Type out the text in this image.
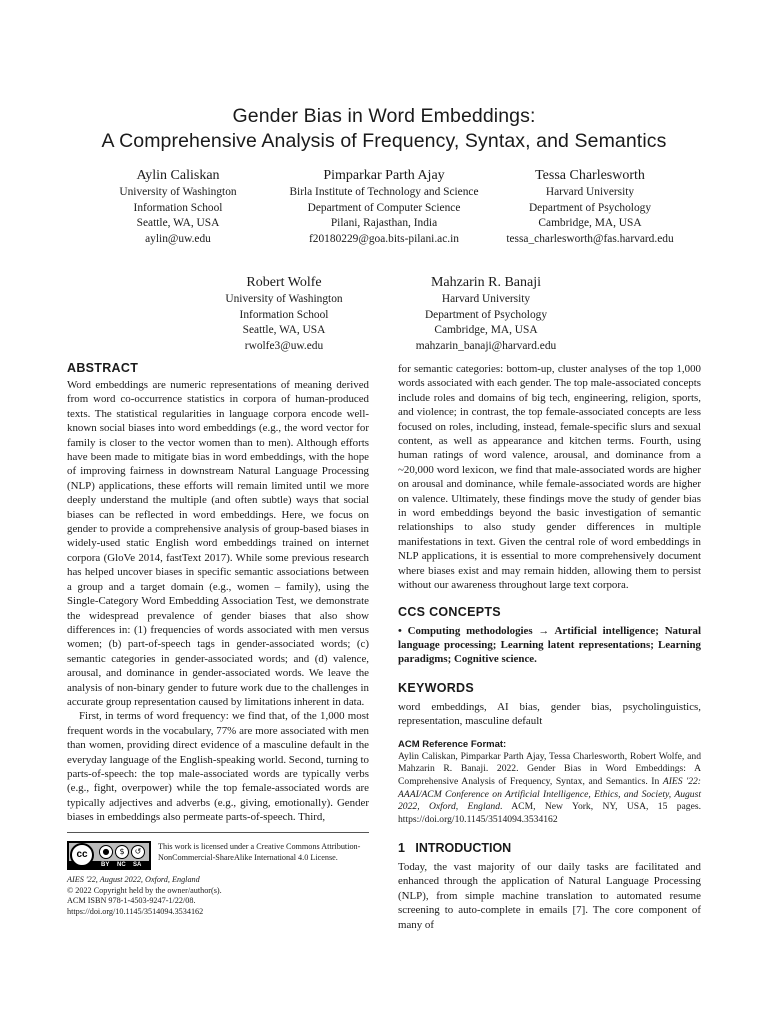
Gender Bias in Word Embeddings:
A Comprehensive Analysis of Frequency, Syntax, and Semantics
Aylin Caliskan
University of Washington
Information School
Seattle, WA, USA
aylin@uw.edu
Pimparkar Parth Ajay
Birla Institute of Technology and Science
Department of Computer Science
Pilani, Rajasthan, India
f20180229@goa.bits-pilani.ac.in
Tessa Charlesworth
Harvard University
Department of Psychology
Cambridge, MA, USA
tessa_charlesworth@fas.harvard.edu
Robert Wolfe
University of Washington
Information School
Seattle, WA, USA
rwolfe3@uw.edu
Mahzarin R. Banaji
Harvard University
Department of Psychology
Cambridge, MA, USA
mahzarin_banaji@harvard.edu
ABSTRACT

Word embeddings are numeric representations of meaning derived from word co-occurrence statistics in corpora of human-produced texts. The statistical regularities in language corpora encode well-known social biases into word embeddings (e.g., the word vector for family is closer to the vector women than to men). Although efforts have been made to mitigate bias in word embeddings, with the hope of improving fairness in downstream Natural Language Processing (NLP) applications, these efforts will remain limited until we more deeply understand the multiple (and often subtle) ways that social biases can be reflected in word embeddings. Here, we focus on gender to provide a comprehensive analysis of group-based biases in widely-used static English word embeddings trained on internet corpora (GloVe 2014, fastText 2017). While some previous research has helped uncover biases in specific semantic associations between a group and a target domain (e.g., women – family), using the Single-Category Word Embedding Association Test, we demonstrate the widespread prevalence of gender biases that also show differences in: (1) frequencies of words associated with men versus women; (b) part-of-speech tags in gender-associated words; (c) semantic categories in gender-associated words; and (d) valence, arousal, and dominance in gender-associated words. We leave the analysis of non-binary gender to future work due to the challenges in accurate group representation caused by limitations inherent in data.

First, in terms of word frequency: we find that, of the 1,000 most frequent words in the vocabulary, 77% are more associated with men than women, providing direct evidence of a masculine default in the everyday language of the English-speaking world. Second, turning to parts-of-speech: the top male-associated words are typically verbs (e.g., fight, overpower) while the top female-associated words are typically adjectives and adverbs (e.g., giving, emotionally). Gender biases in embeddings also permeate parts-of-speech. Third,

cc	●	$	↺
BY NC SA
This work is licensed under a Creative Commons Attribution-NonCommercial-ShareAlike International 4.0 License.
AIES '22, August 2022, Oxford, England
© 2022 Copyright held by the owner/author(s).
ACM ISBN 978-1-4503-9247-1/22/08.
https://doi.org/10.1145/3514094.3534162

for semantic categories: bottom-up, cluster analyses of the top 1,000 words associated with each gender. The top male-associated concepts include roles and domains of big tech, engineering, religion, sports, and violence; in contrast, the top female-associated concepts are less focused on roles, including, instead, female-specific slurs and sexual content, as well as appearance and kitchen terms. Fourth, using human ratings of word valence, arousal, and dominance from a ~20,000 word lexicon, we find that male-associated words are higher on arousal and dominance, while female-associated words are higher on valence. Ultimately, these findings move the study of gender bias in word embeddings beyond the basic investigation of semantic relationships to also study gender differences in multiple manifestations in text. Given the central role of word embeddings in NLP applications, it is essential to more comprehensively document where biases exist and may remain hidden, allowing them to persist without our awareness throughout large text corpora.

CCS CONCEPTS
• Computing methodologies → Artificial intelligence; Natural language processing; Learning latent representations; Learning paradigms; Cognitive science.
KEYWORDS

word embeddings, AI bias, gender bias, psycholinguistics, representation, masculine default

ACM Reference Format:
Aylin Caliskan, Pimparkar Parth Ajay, Tessa Charlesworth, Robert Wolfe, and Mahzarin R. Banaji. 2022. Gender Bias in Word Embeddings: A Comprehensive Analysis of Frequency, Syntax, and Semantics. In AIES '22: AAAI/ACM Conference on Artificial Intelligence, Ethics, and Society, August 2022, Oxford, England. ACM, New York, NY, USA, 15 pages. https://doi.org/10.1145/3514094.3534162
1 INTRODUCTION

Today, the vast majority of our daily tasks are facilitated and enhanced through the application of Natural Language Processing (NLP), from simple machine translation to automated resume screening to auto-complete in emails [7]. The core component of many of
